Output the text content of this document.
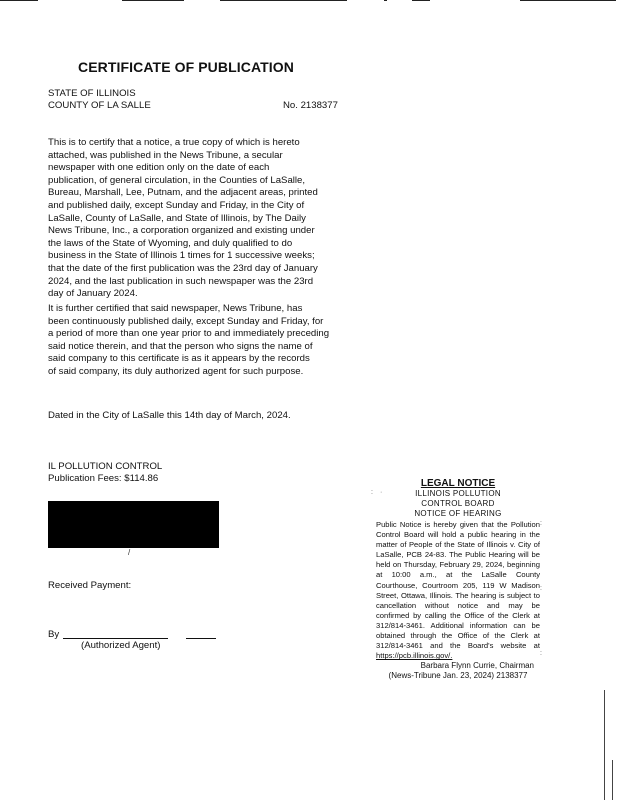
CERTIFICATE OF PUBLICATION
STATE OF ILLINOIS
COUNTY OF LA SALLE	No. 2138377
This is to certify that a notice, a true copy of which is hereto
attached, was published in the News Tribune, a secular
newspaper with one edition only on the date of each
publication, of general circulation, in the Counties of LaSalle,
Bureau, Marshall, Lee, Putnam, and the adjacent areas, printed
and published daily, except Sunday and Friday, in the City of
LaSalle, County of LaSalle, and State of Illinois, by The Daily
News Tribune, Inc., a corporation organized and existing under
the laws of the State of Wyoming, and duly qualified to do
business in the State of Illinois 1 times for 1 successive weeks;
that the date of the first publication was the 23rd day of January
2024, and the last publication in such newspaper was the 23rd
day of January 2024.
It is further certified that said newspaper, News Tribune, has
been continuously published daily, except Sunday and Friday, for
a period of more than one year prior to and immediately preceding
said notice therein, and that the person who signs the name of
said company to this certificate is as it appears by the records
of said company, its duly authorized agent for such purpose.
Dated in the City of LaSalle this 14th day of March, 2024.
IL POLLUTION CONTROL
Publication Fees: $114.86
/
Received Payment:
By
(Authorized Agent)
LEGAL NOTICE
ILLINOIS POLLUTION
CONTROL BOARD
NOTICE OF HEARING
Public Notice is hereby given that the Pollution Control Board will hold a public hearing in the matter of People of the State of Illinois v. City of LaSalle, PCB 24-83. The Public Hearing will be held on Thursday, February 29, 2024, beginning at 10:00 a.m., at the LaSalle County Courthouse, Courtroom 205, 119 W Madison Street, Ottawa, Illinois. The hearing is subject to cancellation without notice and may be confirmed by calling the Office of the Clerk at 312/814-3461. Additional information can be obtained through the Office of the Clerk at 312/814-3461 and the Board's website at https://pcb.illinois.gov/.
Barbara Flynn Currie, Chairman
(News-Tribune Jan. 23, 2024) 2138377
: ·
:
:
:
